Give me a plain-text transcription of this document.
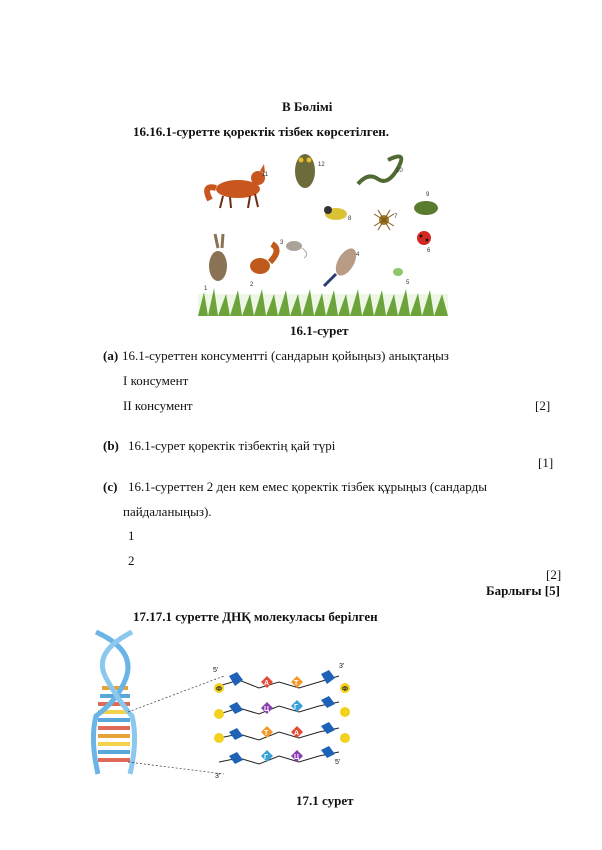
В Бөлімі
16.16.1-суретте қоректік тізбек көрсетілген.
11
12
10
8	7
9
6
1
2
3
4
5
16.1-сурет
(a) 16.1-суреттен консументті (сандарын қойыңыз) анықтаңыз
I консумент
II консумент	[2]
(b) 16.1-сурет қоректік тізбектің қай түрі
[1]
(c) 16.1-суреттен 2 ден кем емес қоректік тізбек құрыңыз (сандарды
пайдаланыңыз).
1
2
[2]
Барлығы [5]
17.17.1 суретте ДНҚ молекуласы берілген
5'
3'
3'
5'
А	Т
Ф
Ф
Ц	Г
Т	А
Г	Ц
17.1 сурет
